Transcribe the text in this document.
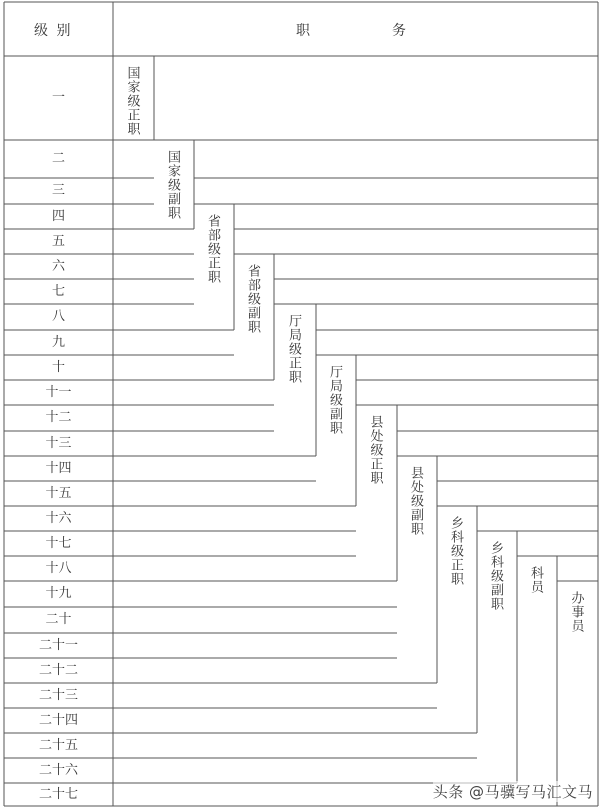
级 别	职	务
一
二
三
四
五
六
七
八
九
十
十一
十二
十三
十四
十五
十六
十七
十八
十九
二十
二十一
二十二
二十三
二十四
二十五
二十六
二十七
国家级正职
国家级副职
省部级正职
省部级副职
厅局级正职
厅局级副职
县处级正职
县处级副职
乡科级正职 乡科级副职 科员
办事员
头条 @马骥写马汇文马
